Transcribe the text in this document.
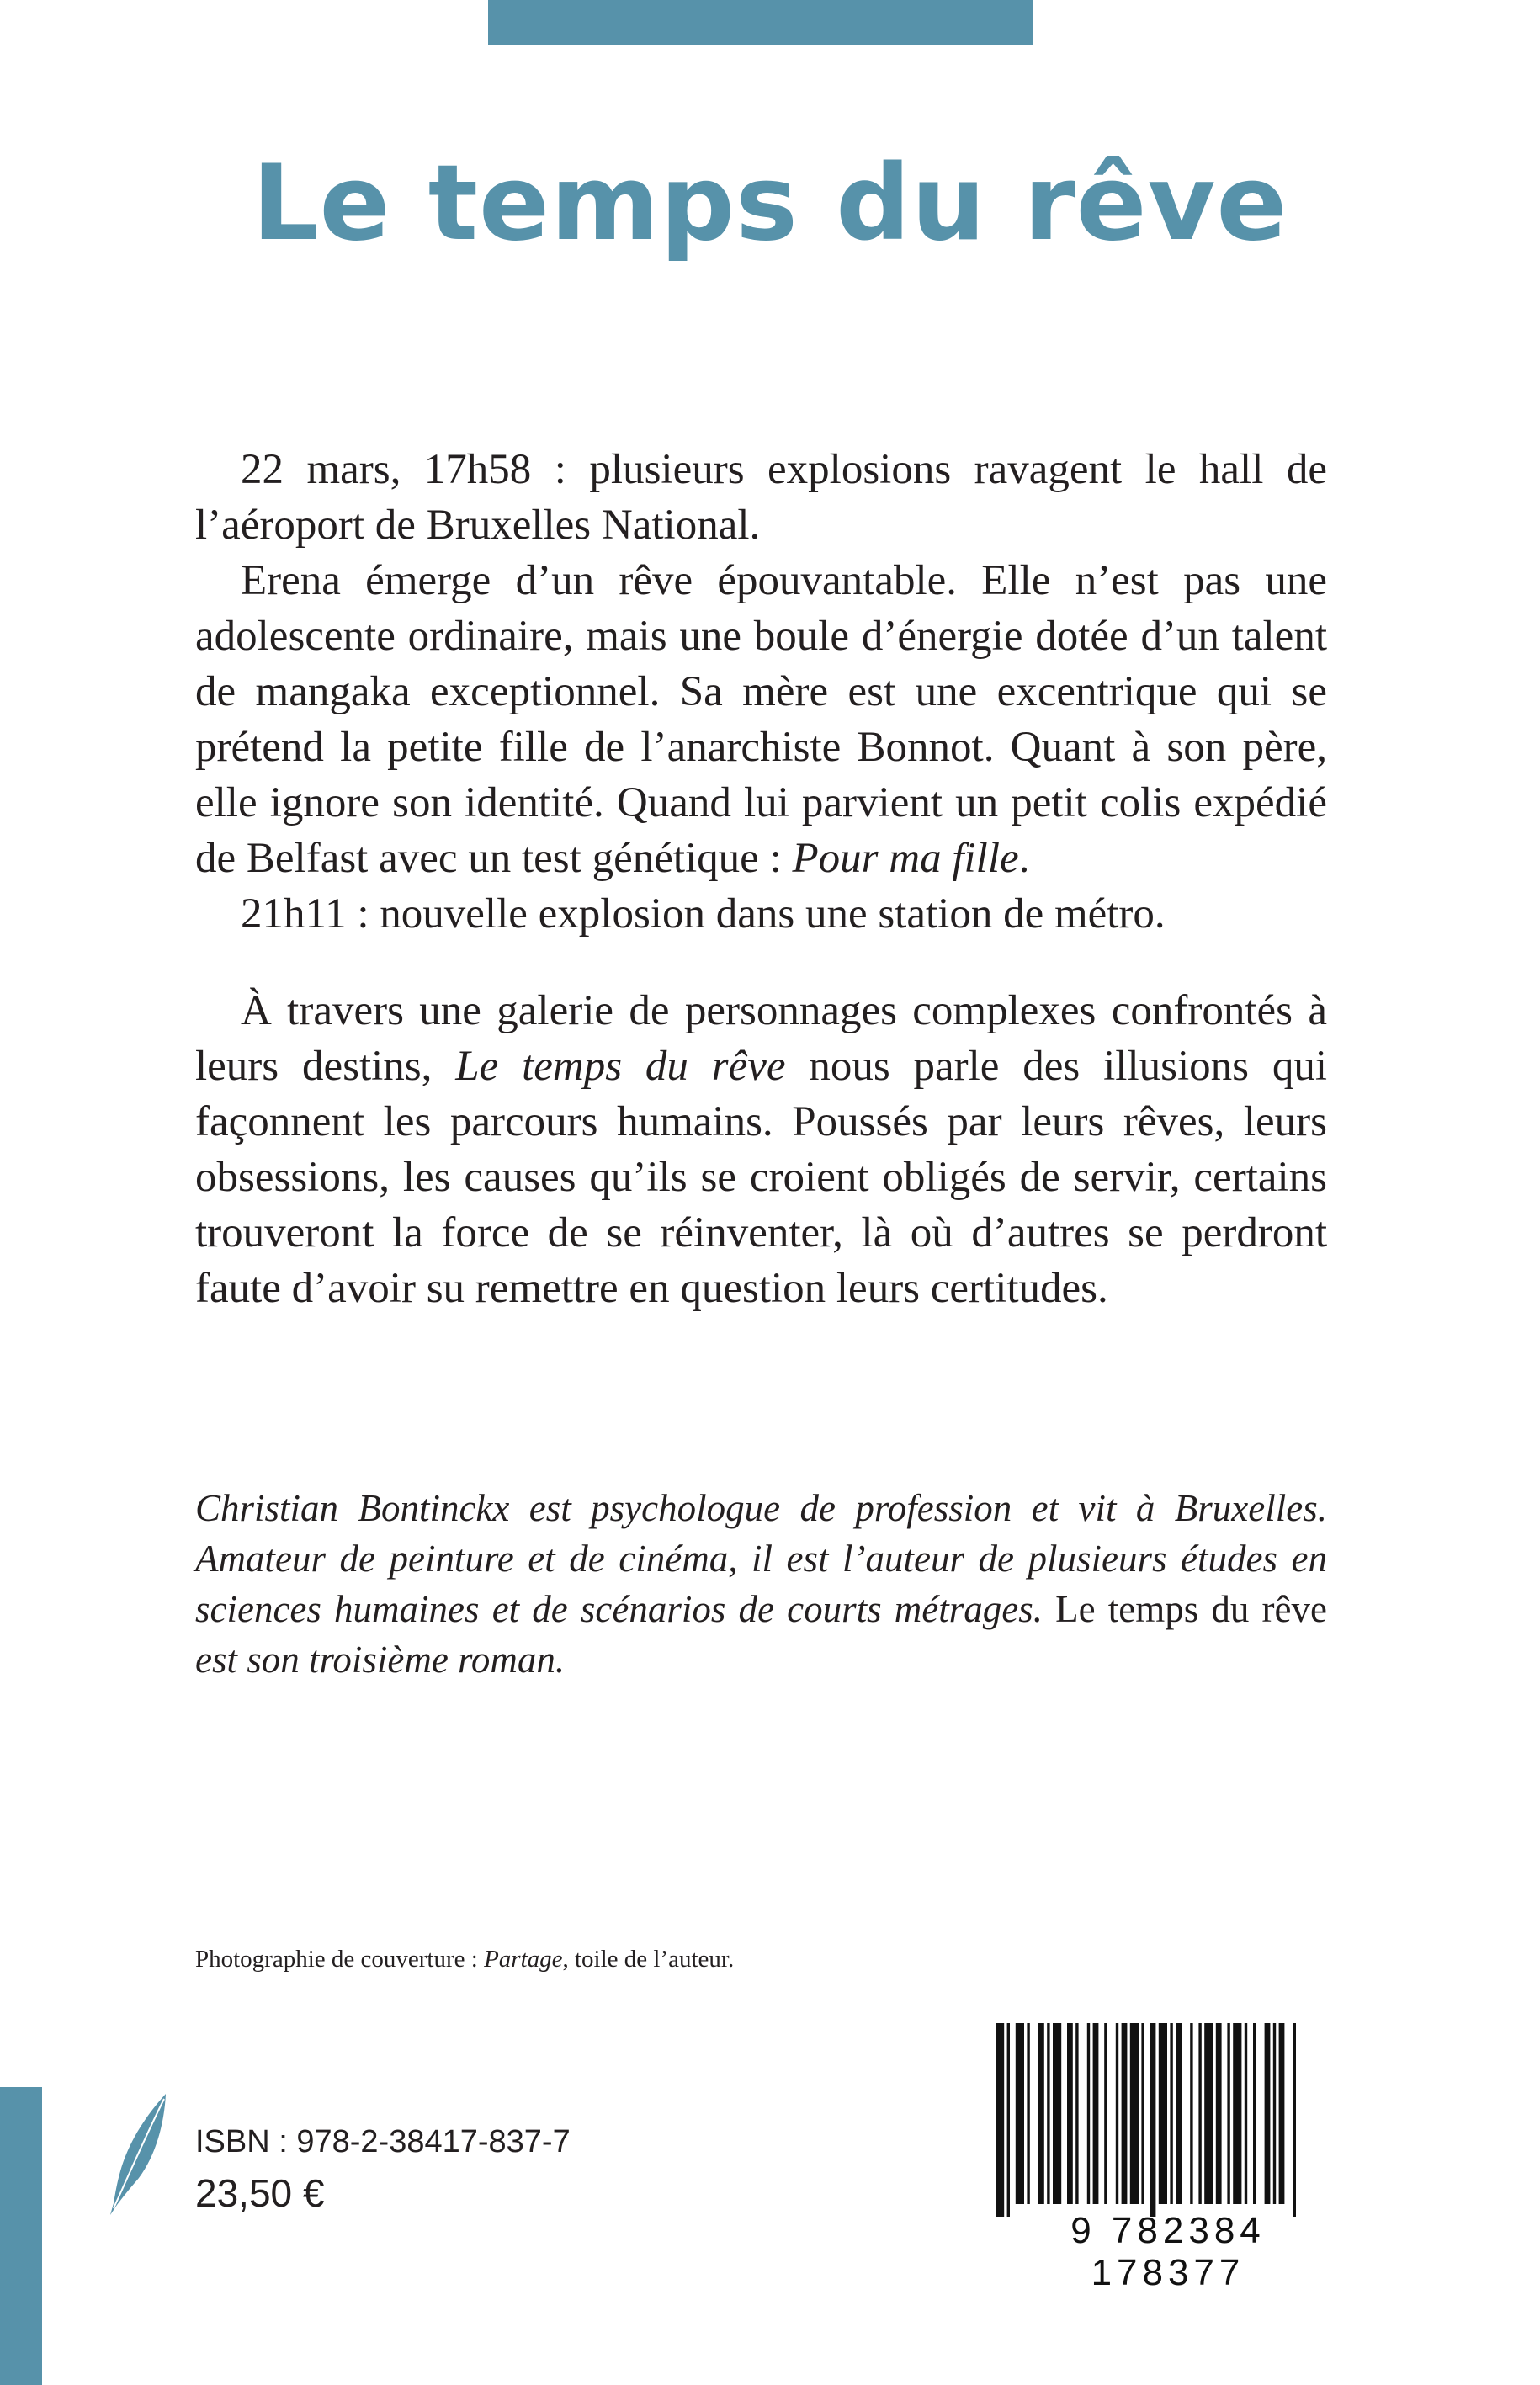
Le temps du rêve

22 mars, 17h58 : plusieurs explosions ravagent le hall de l’aéroport de Bruxelles National.

Erena émerge d’un rêve épouvantable. Elle n’est pas une adolescente ordinaire, mais une boule d’énergie dotée d’un talent de mangaka exceptionnel. Sa mère est une excentrique qui se prétend la petite fille de l’anarchiste Bonnot. Quant à son père, elle ignore son identité. Quand lui parvient un petit colis expédié de Belfast avec un test génétique : Pour ma fille.

21h11 : nouvelle explosion dans une station de métro.

À travers une galerie de personnages complexes confrontés à leurs destins, Le temps du rêve nous parle des illusions qui façonnent les parcours humains. Poussés par leurs rêves, leurs obsessions, les causes qu’ils se croient obligés de servir, certains trouveront la force de se réinventer, là où d’autres se perdront faute d’avoir su remettre en question leurs certitudes.

Christian Bontinckx est psychologue de profession et vit à Bruxelles. Amateur de peinture et de cinéma, il est l’auteur de plusieurs études en sciences humaines et de scénarios de courts métrages. Le temps du rêve est son troisième roman.

Photographie de couverture : Partage, toile de l’auteur.
ISBN : 978-2-38417-837-7
23,50 €
9 782384 178377
